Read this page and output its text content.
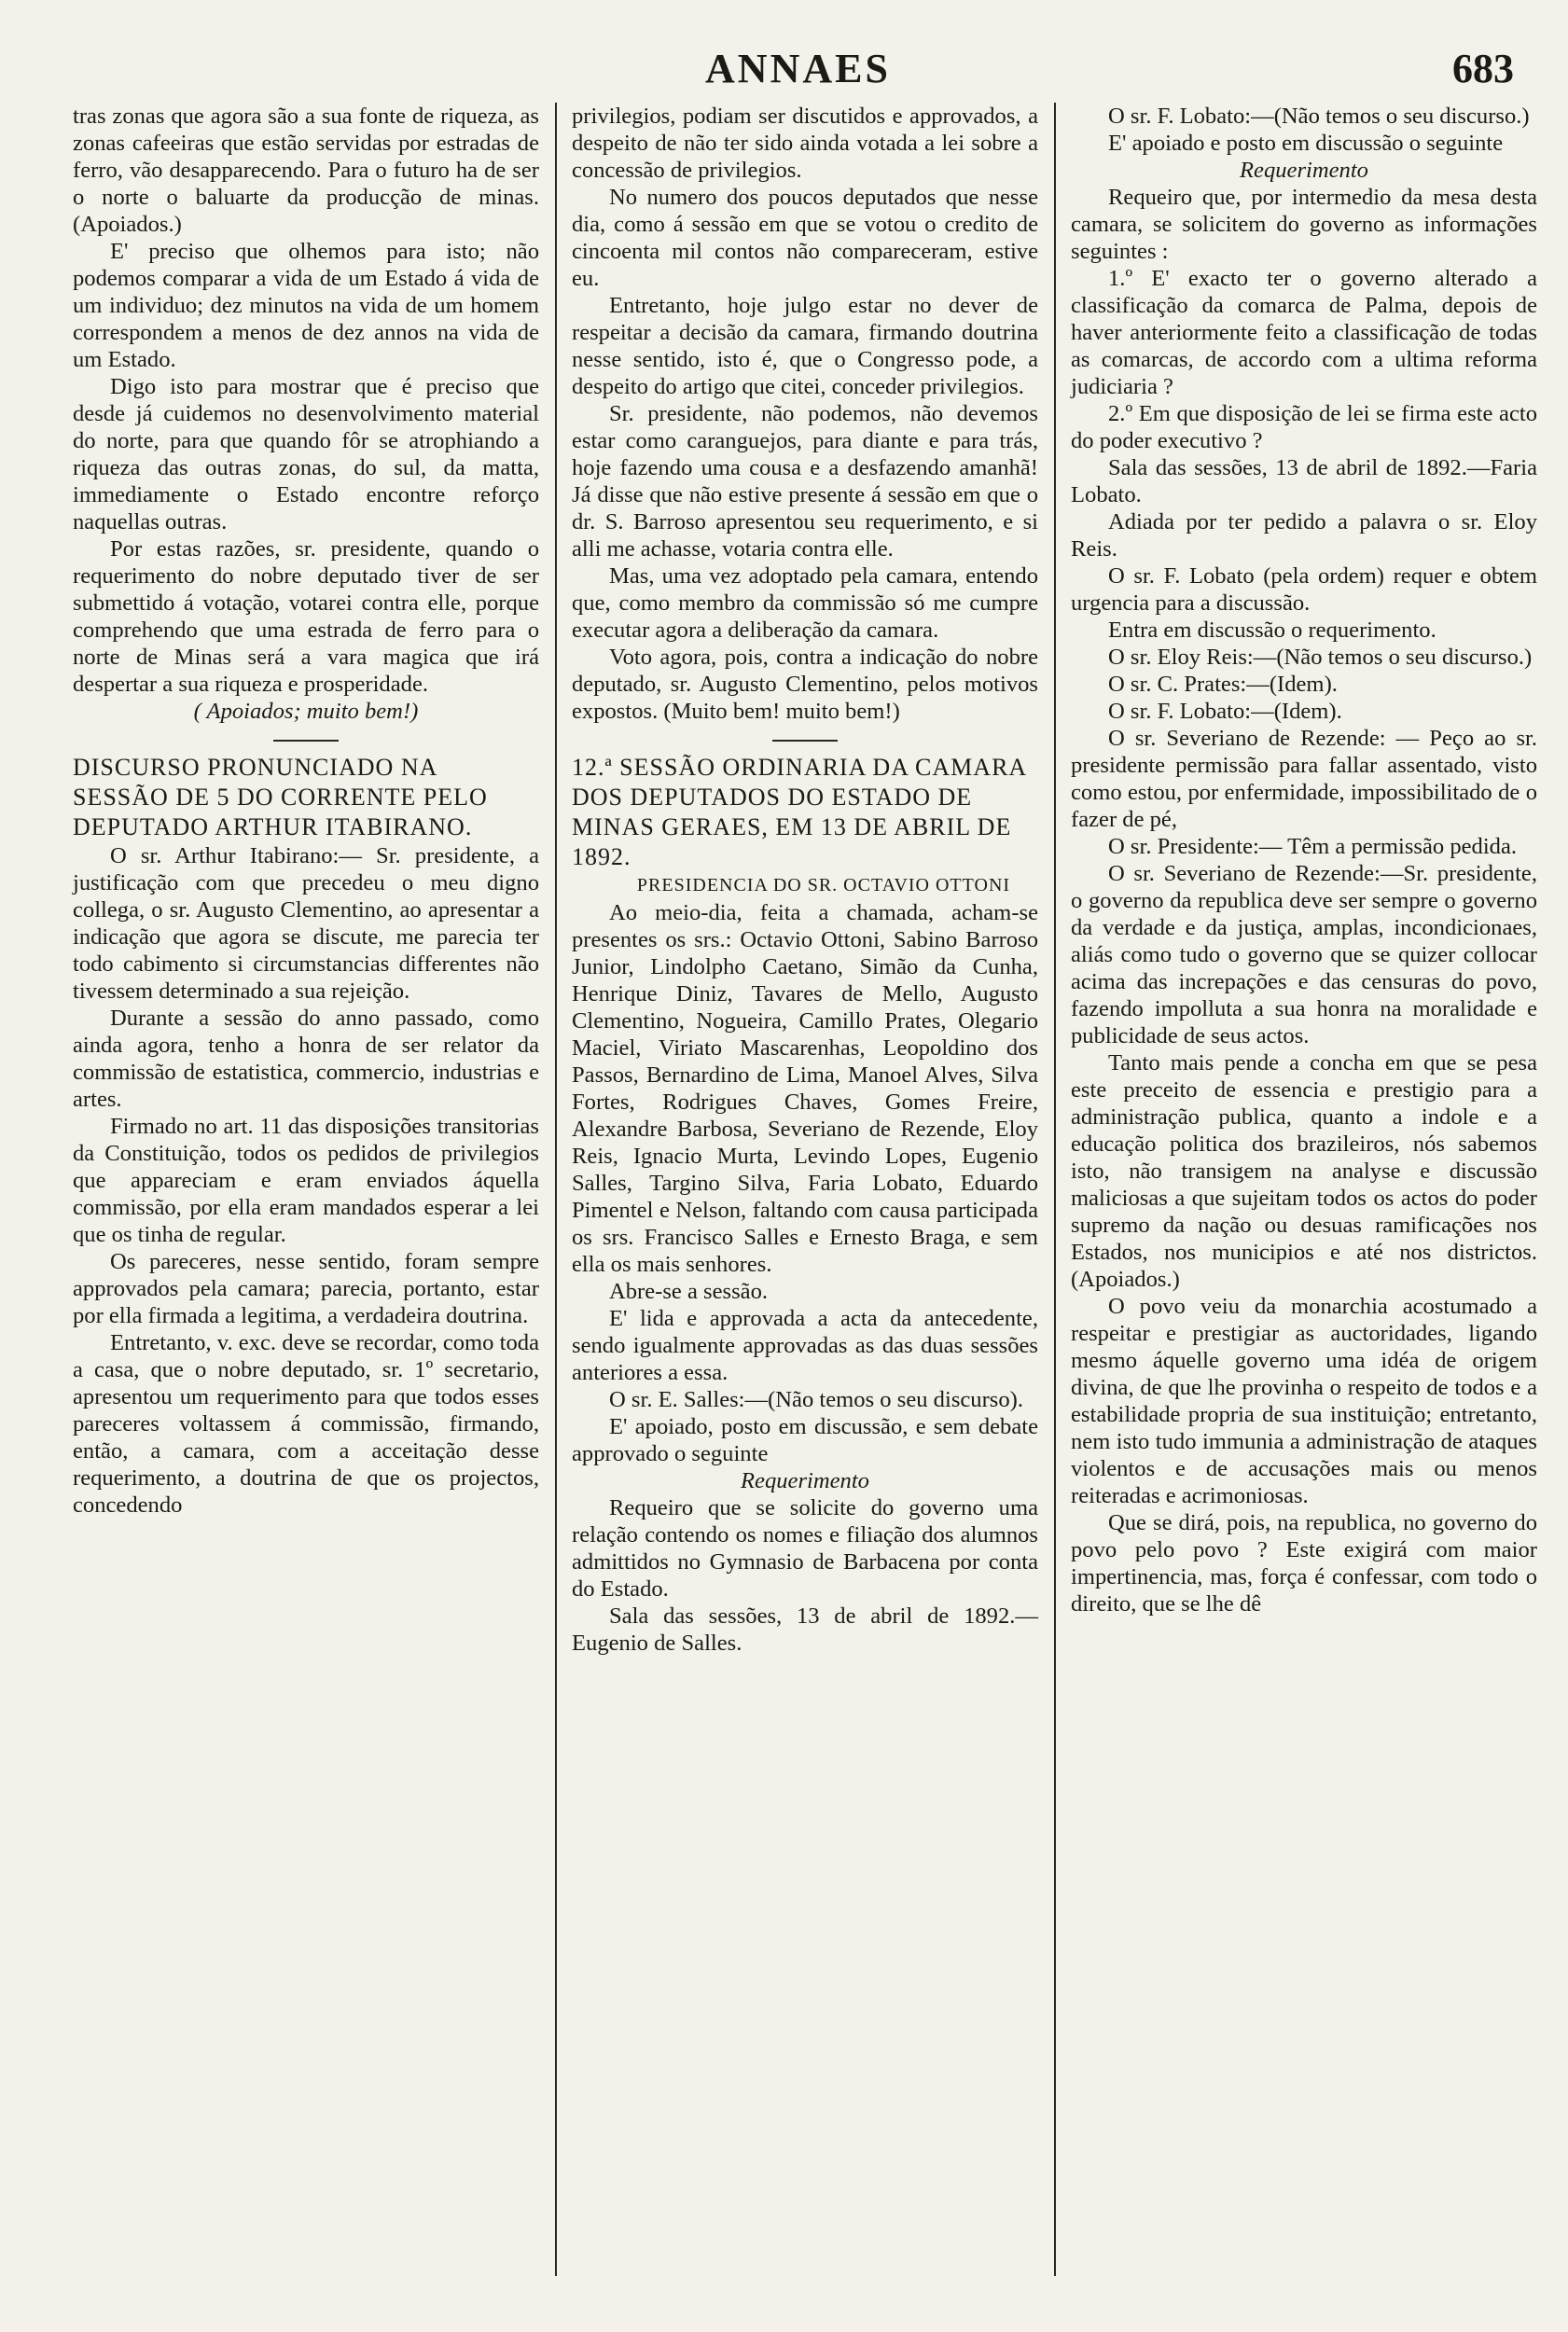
ANNAES	683

tras zonas que agora são a sua fonte de riqueza, as zonas cafeeiras que estão servidas por estradas de ferro, vão desapparecendo. Para o futuro ha de ser o norte o baluarte da producção de minas. (Apoiados.)

E' preciso que olhemos para isto; não podemos comparar a vida de um Estado á vida de um individuo; dez minutos na vida de um homem correspondem a menos de dez annos na vida de um Estado.

Digo isto para mostrar que é preciso que desde já cuidemos no desenvolvimento material do norte, para que quando fôr se atrophiando a riqueza das outras zonas, do sul, da matta, immediamente o Estado encontre reforço naquellas outras.

Por estas razões, sr. presidente, quando o requerimento do nobre deputado tiver de ser submettido á votação, votarei contra elle, porque comprehendo que uma estrada de ferro para o norte de Minas será a vara magica que irá despertar a sua riqueza e prosperidade.

( Apoiados; muito bem!)

DISCURSO PRONUNCIADO NA SESSÃO DE 5 DO CORRENTE PELO DEPUTADO ARTHUR ITABIRANO.

O sr. Arthur Itabirano:— Sr. presidente, a justificação com que precedeu o meu digno collega, o sr. Augusto Clementino, ao apresentar a indicação que agora se discute, me parecia ter todo cabimento si circumstancias differentes não tivessem determinado a sua rejeição.

Durante a sessão do anno passado, como ainda agora, tenho a honra de ser relator da commissão de estatistica, commercio, industrias e artes.

Firmado no art. 11 das disposições transitorias da Constituição, todos os pedidos de privilegios que appareciam e eram enviados áquella commissão, por ella eram mandados esperar a lei que os tinha de regular.

Os pareceres, nesse sentido, foram sempre approvados pela camara; parecia, portanto, estar por ella firmada a legitima, a verdadeira doutrina.

Entretanto, v. exc. deve se recordar, como toda a casa, que o nobre deputado, sr. 1º secretario, apresentou um requerimento para que todos esses pareceres voltassem á commissão, firmando, então, a camara, com a acceitação desse requerimento, a doutrina de que os projectos, concedendo

privilegios, podiam ser discutidos e approvados, a despeito de não ter sido ainda votada a lei sobre a concessão de privilegios.

No numero dos poucos deputados que nesse dia, como á sessão em que se votou o credito de cincoenta mil contos não compareceram, estive eu.

Entretanto, hoje julgo estar no dever de respeitar a decisão da camara, firmando doutrina nesse sentido, isto é, que o Congresso pode, a despeito do artigo que citei, conceder privilegios.

Sr. presidente, não podemos, não devemos estar como caranguejos, para diante e para trás, hoje fazendo uma cousa e a desfazendo amanhã! Já disse que não estive presente á sessão em que o dr. S. Barroso apresentou seu requerimento, e si alli me achasse, votaria contra elle.

Mas, uma vez adoptado pela camara, entendo que, como membro da commissão só me cumpre executar agora a deliberação da camara.

Voto agora, pois, contra a indicação do nobre deputado, sr. Augusto Clementino, pelos motivos expostos. (Muito bem! muito bem!)

12.ª SESSÃO ORDINARIA DA CAMARA DOS DEPUTADOS DO ESTADO DE MINAS GERAES, EM 13 DE ABRIL DE 1892.

PRESIDENCIA DO SR. OCTAVIO OTTONI

Ao meio-dia, feita a chamada, acham-se presentes os srs.: Octavio Ottoni, Sabino Barroso Junior, Lindolpho Caetano, Simão da Cunha, Henrique Diniz, Tavares de Mello, Augusto Clementino, Nogueira, Camillo Prates, Olegario Maciel, Viriato Mascarenhas, Leopoldino dos Passos, Bernardino de Lima, Manoel Alves, Silva Fortes, Rodrigues Chaves, Gomes Freire, Alexandre Barbosa, Severiano de Rezende, Eloy Reis, Ignacio Murta, Levindo Lopes, Eugenio Salles, Targino Silva, Faria Lobato, Eduardo Pimentel e Nelson, faltando com causa participada os srs. Francisco Salles e Ernesto Braga, e sem ella os mais senhores.

Abre-se a sessão.

E' lida e approvada a acta da antecedente, sendo igualmente approvadas as das duas sessões anteriores a essa.

O sr. E. Salles:—(Não temos o seu discurso).

E' apoiado, posto em discussão, e sem debate approvado o seguinte

Requerimento

Requeiro que se solicite do governo uma relação contendo os nomes e filiação dos alumnos admittidos no Gymnasio de Barbacena por conta do Estado.

Sala das sessões, 13 de abril de 1892.—Eugenio de Salles.

O sr. F. Lobato:—(Não temos o seu discurso.)

E' apoiado e posto em discussão o seguinte

Requerimento

Requeiro que, por intermedio da mesa desta camara, se solicitem do governo as informações seguintes :

1.º E' exacto ter o governo alterado a classificação da comarca de Palma, depois de haver anteriormente feito a classificação de todas as comarcas, de accordo com a ultima reforma judiciaria ?

2.º Em que disposição de lei se firma este acto do poder executivo ?

Sala das sessões, 13 de abril de 1892.—Faria Lobato.

Adiada por ter pedido a palavra o sr. Eloy Reis.

O sr. F. Lobato (pela ordem) requer e obtem urgencia para a discussão.

Entra em discussão o requerimento.

O sr. Eloy Reis:—(Não temos o seu discurso.)

O sr. C. Prates:—(Idem).

O sr. F. Lobato:—(Idem).

O sr. Severiano de Rezende: — Peço ao sr. presidente permissão para fallar assentado, visto como estou, por enfermidade, impossibilitado de o fazer de pé,

O sr. Presidente:— Têm a permissão pedida.

O sr. Severiano de Rezende:—Sr. presidente, o governo da republica deve ser sempre o governo da verdade e da justiça, amplas, incondicionaes, aliás como tudo o governo que se quizer collocar acima das increpações e das censuras do povo, fazendo impolluta a sua honra na moralidade e publicidade de seus actos.

Tanto mais pende a concha em que se pesa este preceito de essencia e prestigio para a administração publica, quanto a indole e a educação politica dos brazileiros, nós sabemos isto, não transigem na analyse e discussão maliciosas a que sujeitam todos os actos do poder supremo da nação ou desuas ramificações nos Estados, nos municipios e até nos districtos. (Apoiados.)

O povo veiu da monarchia acostumado a respeitar e prestigiar as auctoridades, ligando mesmo áquelle governo uma idéa de origem divina, de que lhe provinha o respeito de todos e a estabilidade propria de sua instituição; entretanto, nem isto tudo immunia a administração de ataques violentos e de accusações mais ou menos reiteradas e acrimoniosas.

Que se dirá, pois, na republica, no governo do povo pelo povo ? Este exigirá com maior impertinencia, mas, força é confessar, com todo o direito, que se lhe dê
